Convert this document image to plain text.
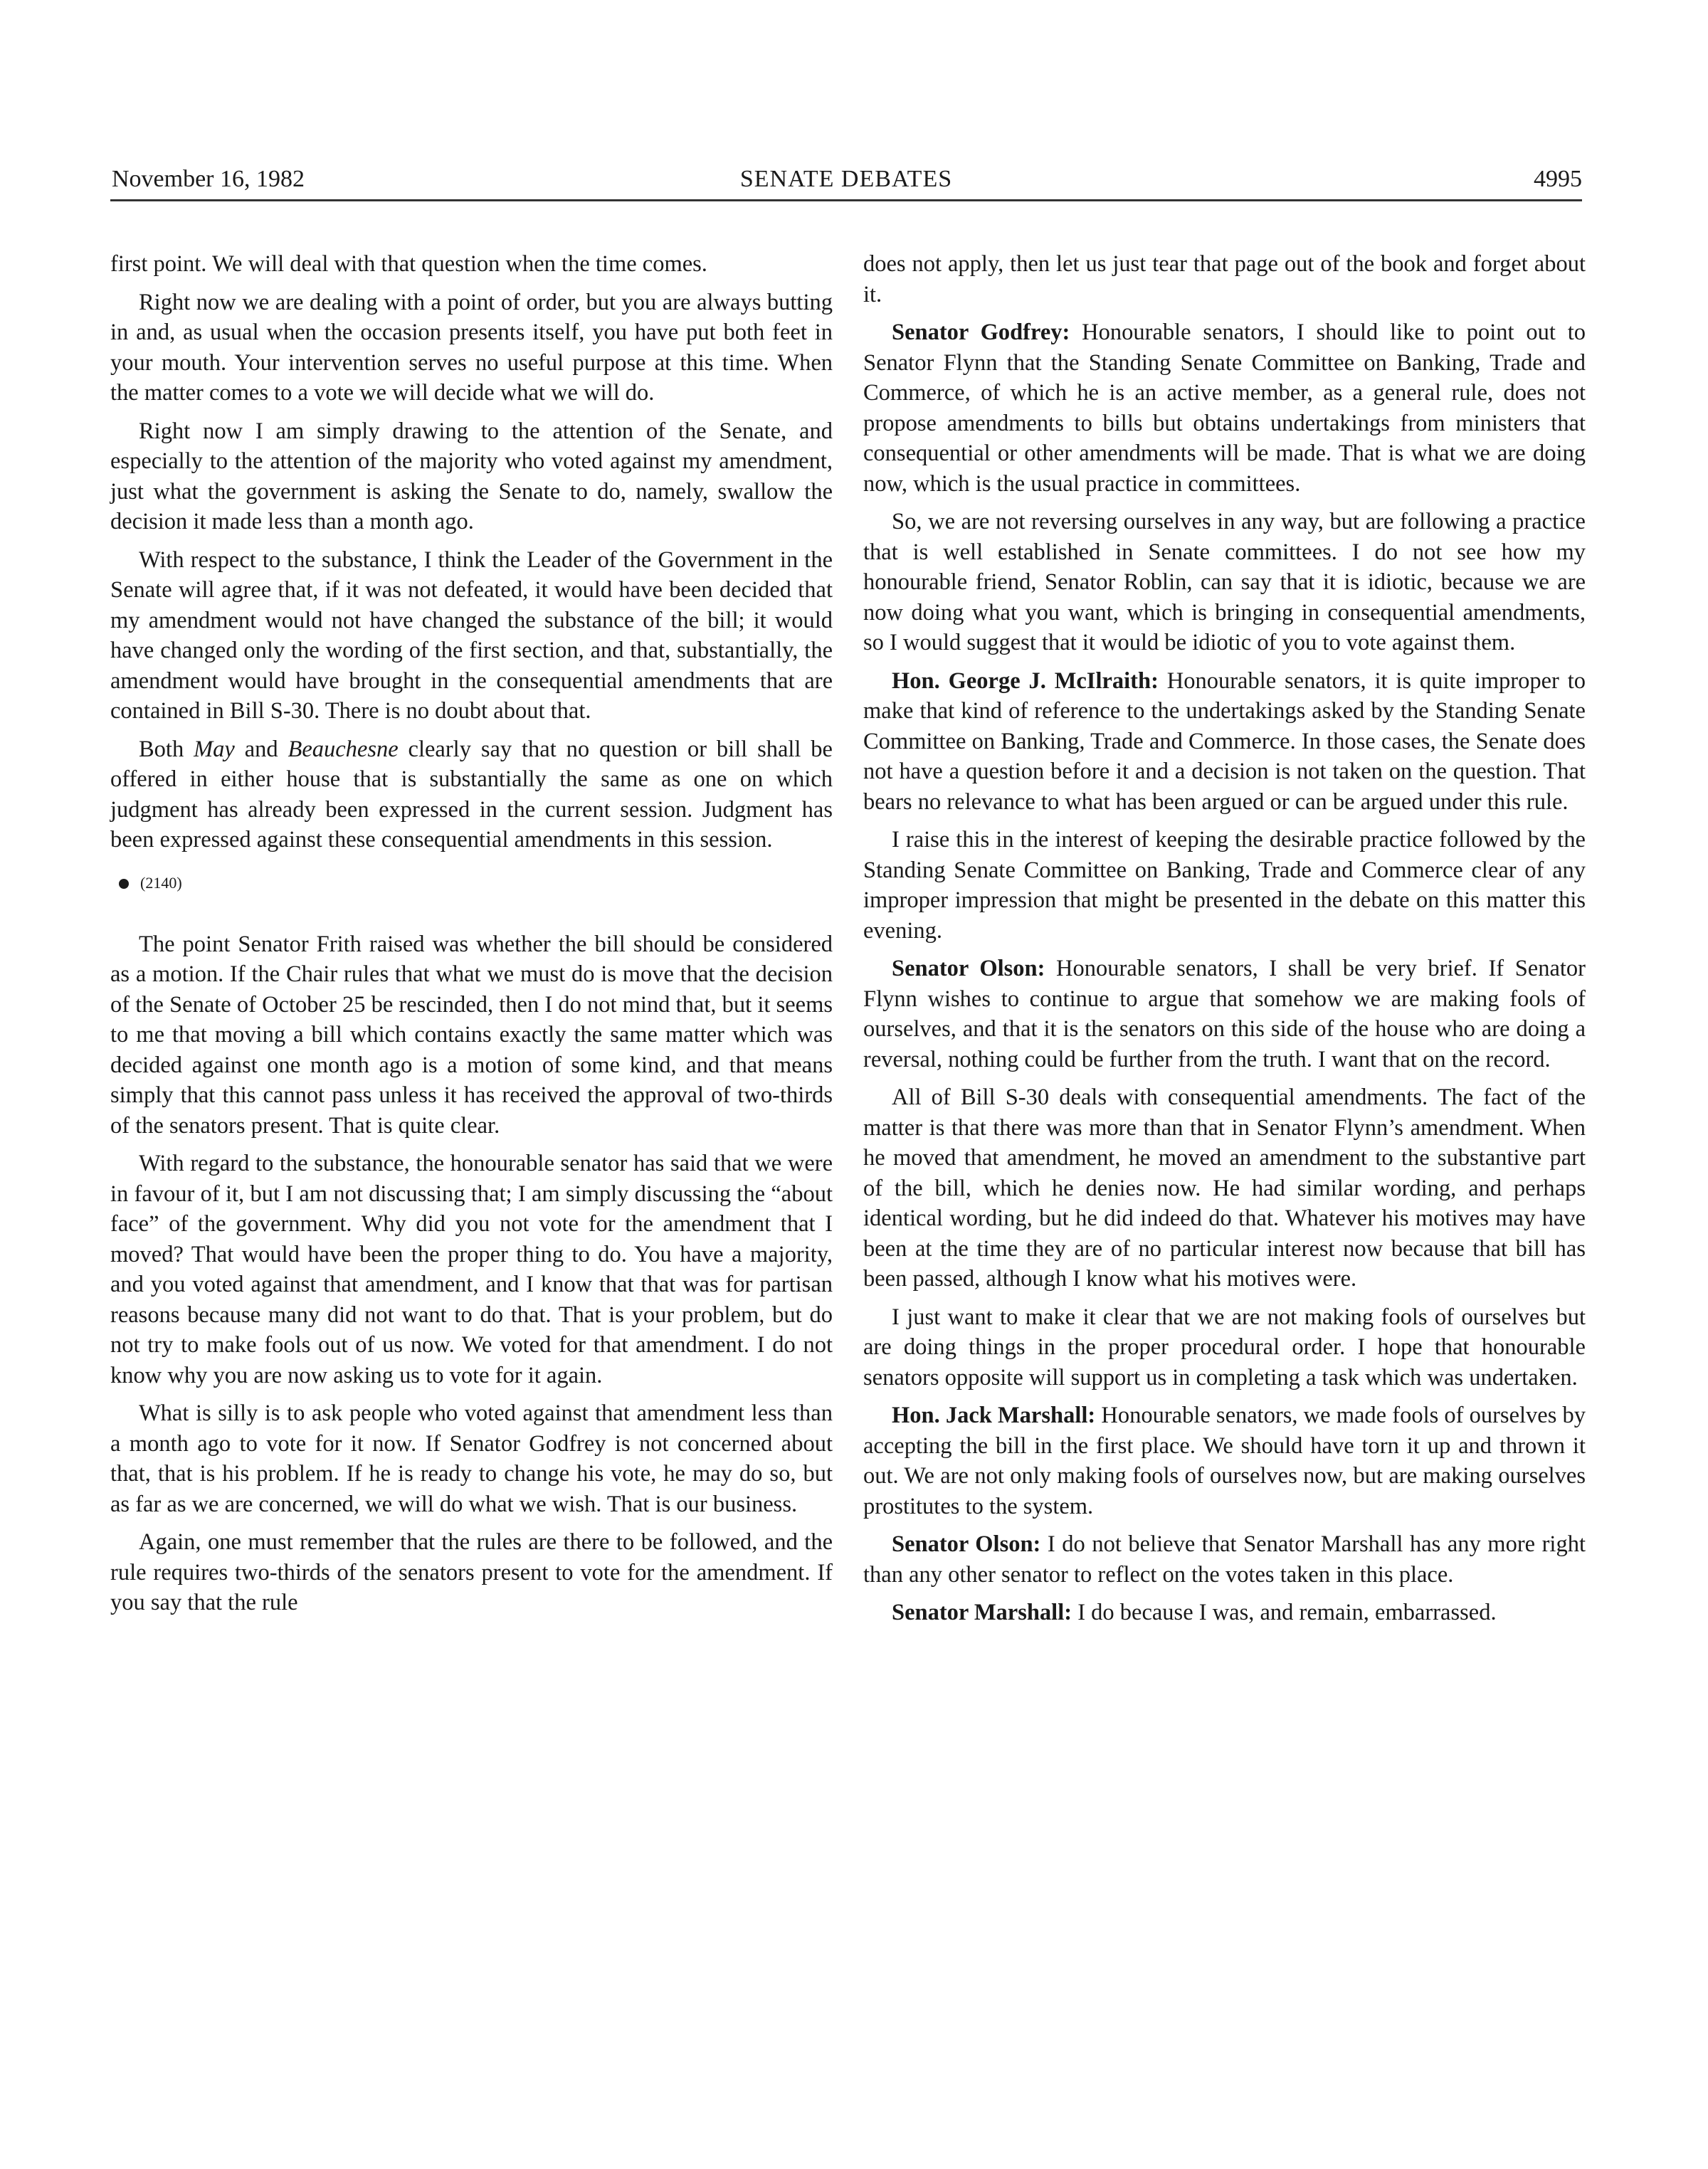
November 16, 1982	SENATE DEBATES	4995

first point. We will deal with that question when the time comes.

Right now we are dealing with a point of order, but you are always butting in and, as usual when the occasion presents itself, you have put both feet in your mouth. Your intervention serves no useful purpose at this time. When the matter comes to a vote we will decide what we will do.

Right now I am simply drawing to the attention of the Senate, and especially to the attention of the majority who voted against my amendment, just what the government is asking the Senate to do, namely, swallow the decision it made less than a month ago.

With respect to the substance, I think the Leader of the Government in the Senate will agree that, if it was not defeated, it would have been decided that my amendment would not have changed the substance of the bill; it would have changed only the wording of the first section, and that, substantially, the amendment would have brought in the consequential amendments that are contained in Bill S-30. There is no doubt about that.

Both May and Beauchesne clearly say that no question or bill shall be offered in either house that is substantially the same as one on which judgment has already been expressed in the current session. Judgment has been expressed against these consequential amendments in this session.

(2140)

The point Senator Frith raised was whether the bill should be considered as a motion. If the Chair rules that what we must do is move that the decision of the Senate of October 25 be rescinded, then I do not mind that, but it seems to me that moving a bill which contains exactly the same matter which was decided against one month ago is a motion of some kind, and that means simply that this cannot pass unless it has received the approval of two-thirds of the senators present. That is quite clear.

With regard to the substance, the honourable senator has said that we were in favour of it, but I am not discussing that; I am simply discussing the “about face” of the government. Why did you not vote for the amendment that I moved? That would have been the proper thing to do. You have a majority, and you voted against that amendment, and I know that that was for partisan reasons because many did not want to do that. That is your problem, but do not try to make fools out of us now. We voted for that amendment. I do not know why you are now asking us to vote for it again.

What is silly is to ask people who voted against that amendment less than a month ago to vote for it now. If Senator Godfrey is not concerned about that, that is his problem. If he is ready to change his vote, he may do so, but as far as we are concerned, we will do what we wish. That is our business.

Again, one must remember that the rules are there to be followed, and the rule requires two-thirds of the senators present to vote for the amendment. If you say that the rule

does not apply, then let us just tear that page out of the book and forget about it.

Senator Godfrey: Honourable senators, I should like to point out to Senator Flynn that the Standing Senate Committee on Banking, Trade and Commerce, of which he is an active member, as a general rule, does not propose amendments to bills but obtains undertakings from ministers that consequential or other amendments will be made. That is what we are doing now, which is the usual practice in committees.

So, we are not reversing ourselves in any way, but are following a practice that is well established in Senate committees. I do not see how my honourable friend, Senator Roblin, can say that it is idiotic, because we are now doing what you want, which is bringing in consequential amendments, so I would suggest that it would be idiotic of you to vote against them.

Hon. George J. McIlraith: Honourable senators, it is quite improper to make that kind of reference to the undertakings asked by the Standing Senate Committee on Banking, Trade and Commerce. In those cases, the Senate does not have a question before it and a decision is not taken on the question. That bears no relevance to what has been argued or can be argued under this rule.

I raise this in the interest of keeping the desirable practice followed by the Standing Senate Committee on Banking, Trade and Commerce clear of any improper impression that might be presented in the debate on this matter this evening.

Senator Olson: Honourable senators, I shall be very brief. If Senator Flynn wishes to continue to argue that somehow we are making fools of ourselves, and that it is the senators on this side of the house who are doing a reversal, nothing could be further from the truth. I want that on the record.

All of Bill S-30 deals with consequential amendments. The fact of the matter is that there was more than that in Senator Flynn’s amendment. When he moved that amendment, he moved an amendment to the substantive part of the bill, which he denies now. He had similar wording, and perhaps identical wording, but he did indeed do that. Whatever his motives may have been at the time they are of no particular interest now because that bill has been passed, although I know what his motives were.

I just want to make it clear that we are not making fools of ourselves but are doing things in the proper procedural order. I hope that honourable senators opposite will support us in completing a task which was undertaken.

Hon. Jack Marshall: Honourable senators, we made fools of ourselves by accepting the bill in the first place. We should have torn it up and thrown it out. We are not only making fools of ourselves now, but are making ourselves prostitutes to the system.

Senator Olson: I do not believe that Senator Marshall has any more right than any other senator to reflect on the votes taken in this place.

Senator Marshall: I do because I was, and remain, embarrassed.
